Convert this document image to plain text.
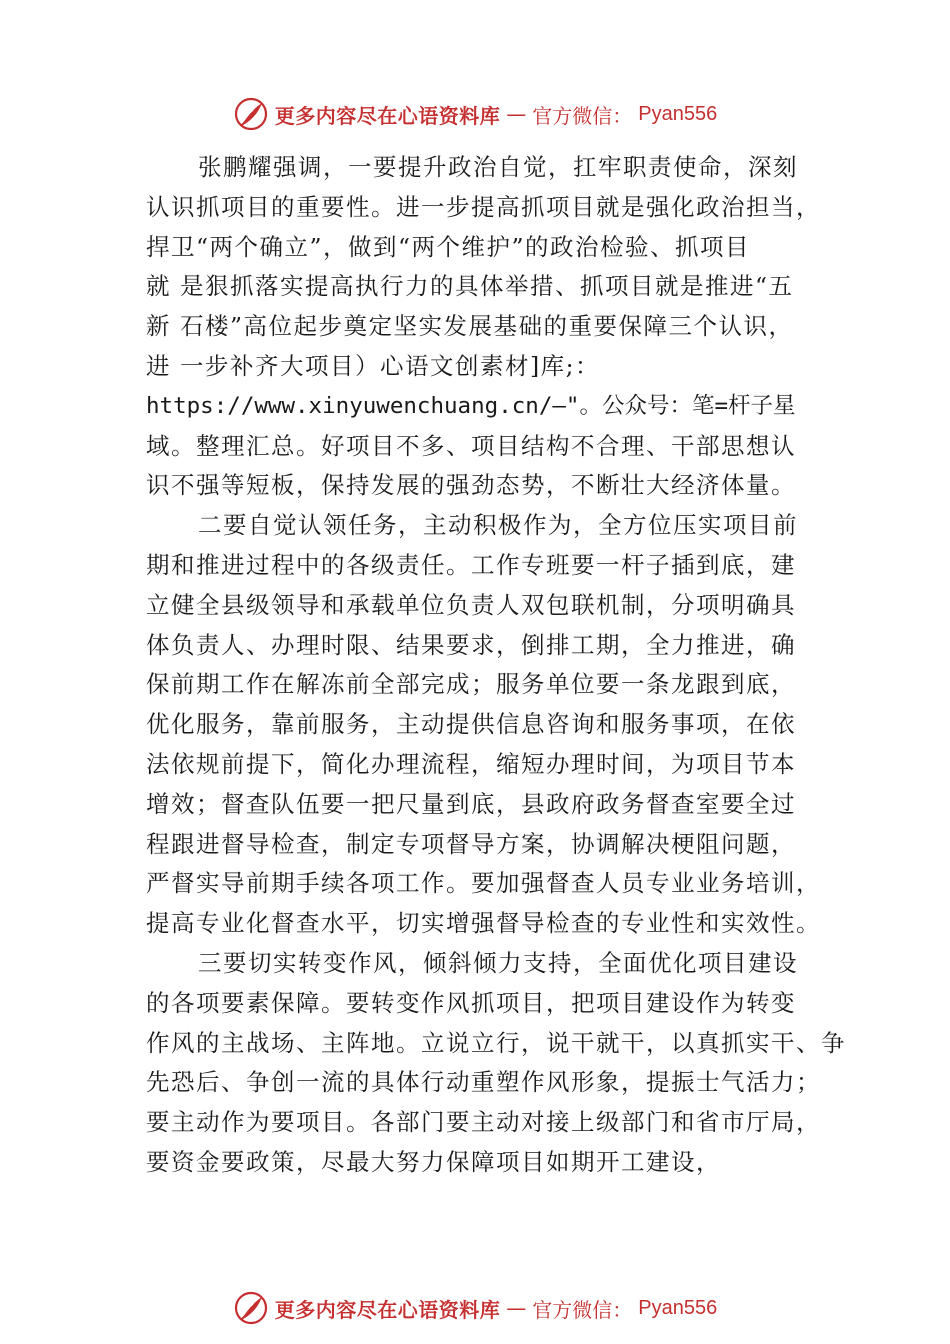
更多内容尽在心语资料库 — 官方微信： Pyan556
张鹏耀强调，一要提升政治自觉，扛牢职责使命，深刻
认识抓项目的重要性。进一步提高抓项目就是强化政治担当，
捍卫“两个确立”，做到“两个维护”的政治检验、抓项目
就 是狠抓落实提高执行力的具体举措、抓项目就是推进“五
新 石楼”高位起步奠定坚实发展基础的重要保障三个认识，
进 一步补齐大项目）心语文创素材]库;：
https://www.xinyuwenchuang.cn/—"。公众号：笔=杆子星
域。整理汇总。好项目不多、项目结构不合理、干部思想认
识不强等短板，保持发展的强劲态势，不断壮大经济体量。
二要自觉认领任务，主动积极作为，全方位压实项目前
期和推进过程中的各级责任。工作专班要一杆子插到底，建
立健全县级领导和承载单位负责人双包联机制，分项明确具
体负责人、办理时限、结果要求，倒排工期，全力推进，确
保前期工作在解冻前全部完成；服务单位要一条龙跟到底，
优化服务，靠前服务，主动提供信息咨询和服务事项，在依
法依规前提下，简化办理流程，缩短办理时间，为项目节本
增效；督查队伍要一把尺量到底，县政府政务督查室要全过
程跟进督导检查，制定专项督导方案，协调解决梗阻问题，
严督实导前期手续各项工作。要加强督查人员专业业务培训，
提高专业化督查水平，切实增强督导检查的专业性和实效性。
三要切实转变作风，倾斜倾力支持，全面优化项目建设
的各项要素保障。要转变作风抓项目，把项目建设作为转变
作风的主战场、主阵地。立说立行，说干就干，以真抓实干、争
先恐后、争创一流的具体行动重塑作风形象，提振士气活力；
要主动作为要项目。各部门要主动对接上级部门和省市厅局，
要资金要政策，尽最大努力保障项目如期开工建设，
更多内容尽在心语资料库 — 官方微信： Pyan556
